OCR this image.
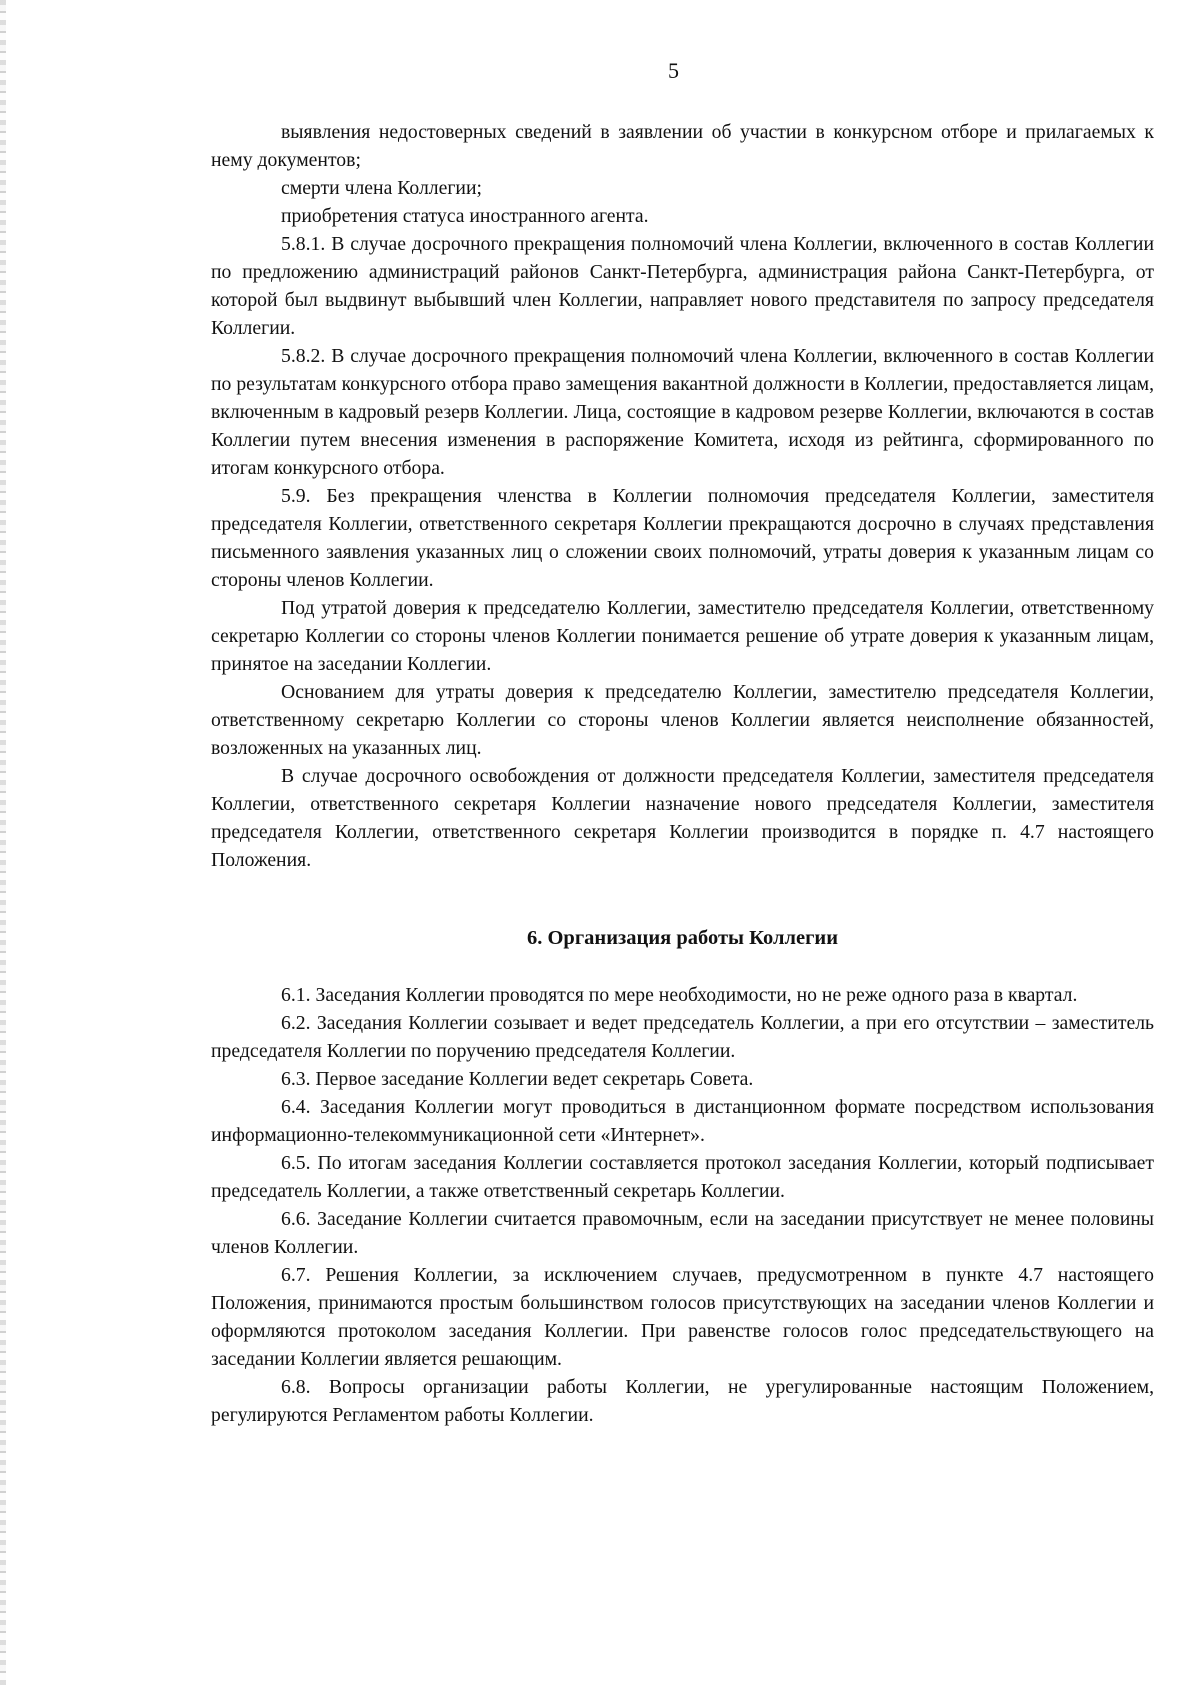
5

выявления недостоверных сведений в заявлении об участии в конкурсном отборе и прилагаемых к нему документов;

смерти члена Коллегии;

приобретения статуса иностранного агента.

5.8.1. В случае досрочного прекращения полномочий члена Коллегии, включенного в состав Коллегии по предложению администраций районов Санкт-Петербурга, администрация района Санкт-Петербурга, от которой был выдвинут выбывший член Коллегии, направляет нового представителя по запросу председателя Коллегии.

5.8.2. В случае досрочного прекращения полномочий члена Коллегии, включенного в состав Коллегии по результатам конкурсного отбора право замещения вакантной должности в Коллегии, предоставляется лицам, включенным в кадровый резерв Коллегии. Лица, состоящие в кадровом резерве Коллегии, включаются в состав Коллегии путем внесения изменения в распоряжение Комитета, исходя из рейтинга, сформированного по итогам конкурсного отбора.

5.9. Без прекращения членства в Коллегии полномочия председателя Коллегии, заместителя председателя Коллегии, ответственного секретаря Коллегии прекращаются досрочно в случаях представления письменного заявления указанных лиц о сложении своих полномочий, утраты доверия к указанным лицам со стороны членов Коллегии.

Под утратой доверия к председателю Коллегии, заместителю председателя Коллегии, ответственному секретарю Коллегии со стороны членов Коллегии понимается решение об утрате доверия к указанным лицам, принятое на заседании Коллегии.

Основанием для утраты доверия к председателю Коллегии, заместителю председателя Коллегии, ответственному секретарю Коллегии со стороны членов Коллегии является неисполнение обязанностей, возложенных на указанных лиц.

В случае досрочного освобождения от должности председателя Коллегии, заместителя председателя Коллегии, ответственного секретаря Коллегии назначение нового председателя Коллегии, заместителя председателя Коллегии, ответственного секретаря Коллегии производится в порядке п. 4.7 настоящего Положения.

6. Организация работы Коллегии

6.1. Заседания Коллегии проводятся по мере необходимости, но не реже одного раза в квартал.

6.2. Заседания Коллегии созывает и ведет председатель Коллегии, а при его отсутствии – заместитель председателя Коллегии по поручению председателя Коллегии.

6.3. Первое заседание Коллегии ведет секретарь Совета.

6.4. Заседания Коллегии могут проводиться в дистанционном формате посредством использования информационно-телекоммуникационной сети «Интернет».

6.5. По итогам заседания Коллегии составляется протокол заседания Коллегии, который подписывает председатель Коллегии, а также ответственный секретарь Коллегии.

6.6. Заседание Коллегии считается правомочным, если на заседании присутствует не менее половины членов Коллегии.

6.7. Решения Коллегии, за исключением случаев, предусмотренном в пункте 4.7 настоящего Положения, принимаются простым большинством голосов присутствующих на заседании членов Коллегии и оформляются протоколом заседания Коллегии. При равенстве голосов голос председательствующего на заседании Коллегии является решающим.

6.8. Вопросы организации работы Коллегии, не урегулированные настоящим Положением, регулируются Регламентом работы Коллегии.
